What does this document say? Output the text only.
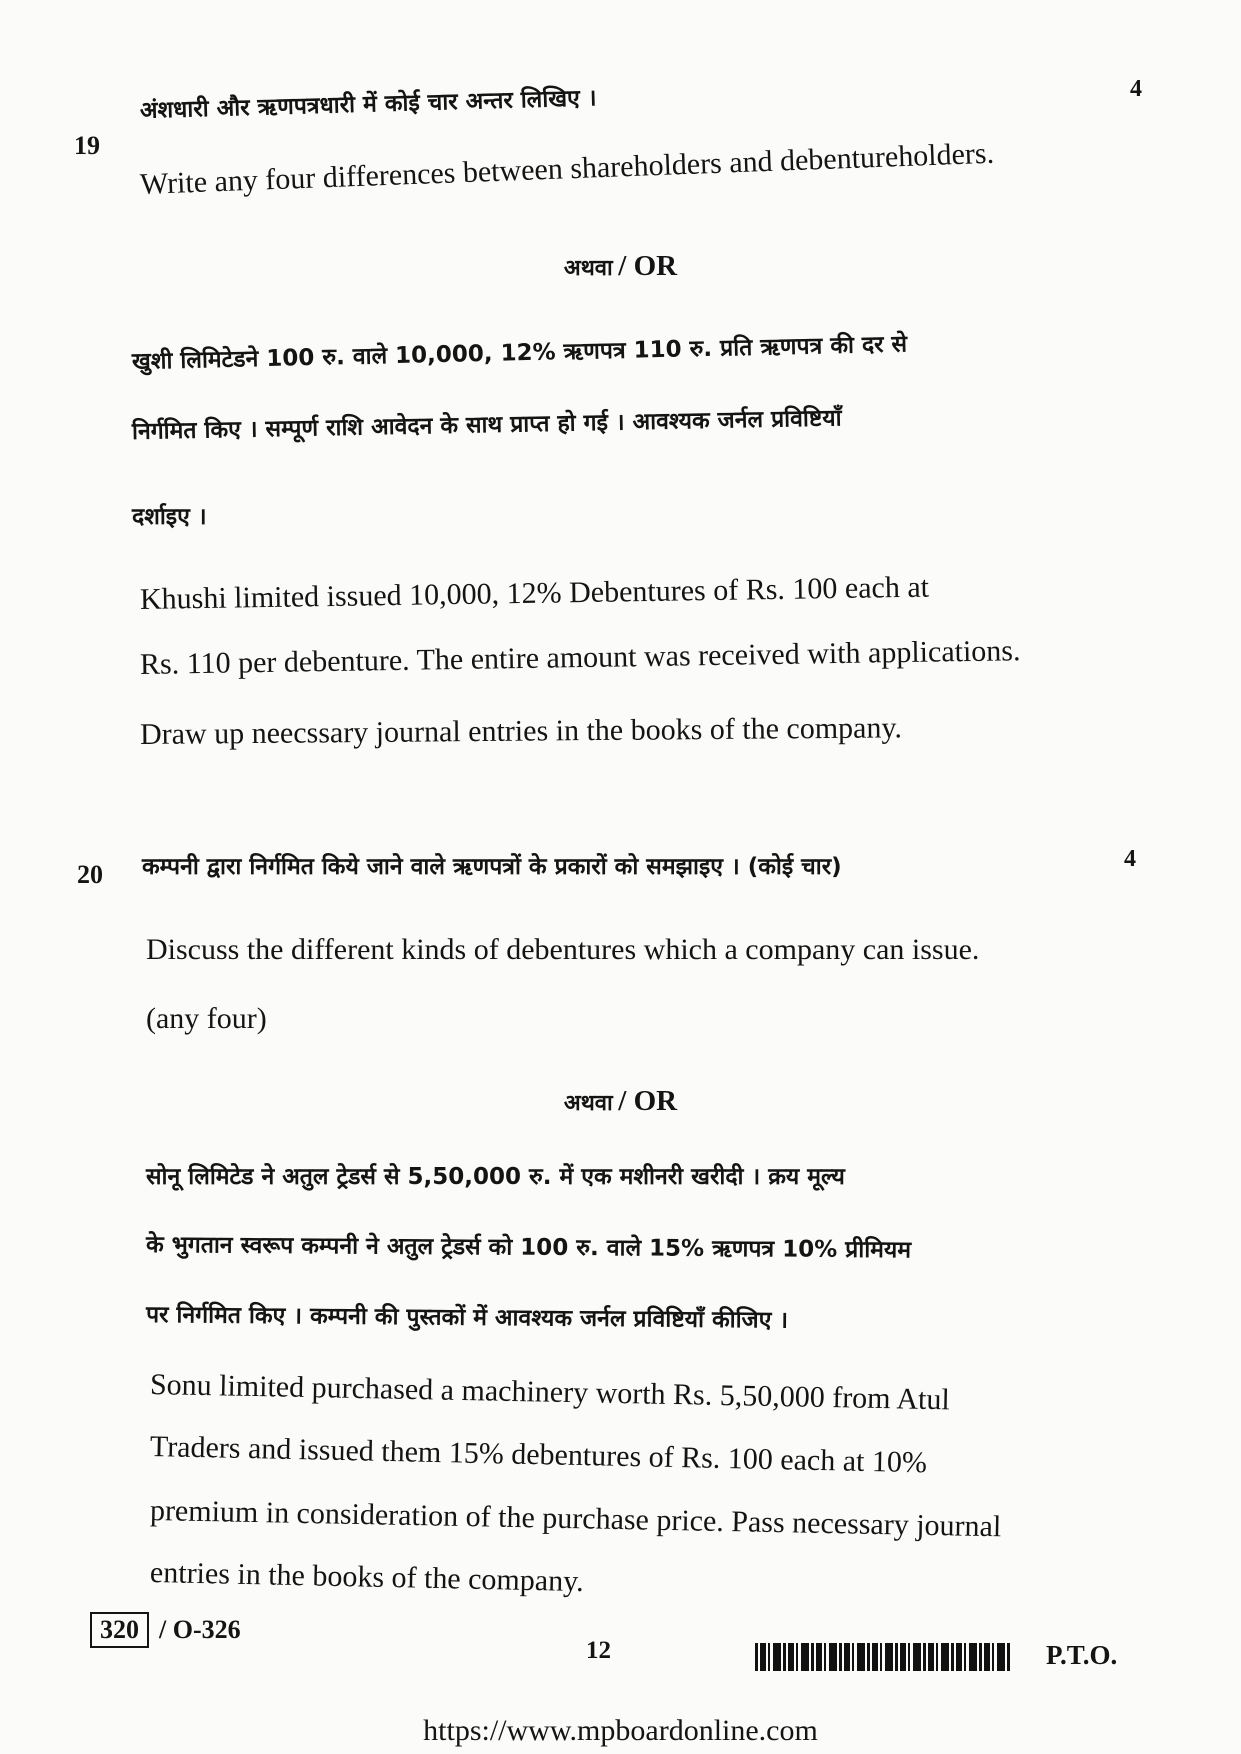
19
4
अंशधारी और ऋणपत्रधारी में कोई चार अन्तर लिखिए ।
Write any four differences between shareholders and debentureholders.
अथवा / OR
खुशी लिमिटेडने 100 रु. वाले 10,000, 12% ऋणपत्र 110 रु. प्रति ऋणपत्र की दर से
निर्गमित किए । सम्पूर्ण राशि आवेदन के साथ प्राप्त हो गई । आवश्यक जर्नल प्रविष्टियाँ
दर्शाइए ।
Khushi limited issued 10,000, 12% Debentures of Rs. 100 each at
Rs. 110 per debenture. The entire amount was received with applications.
Draw up neecssary journal entries in the books of the company.
20
4
कम्पनी द्वारा निर्गमित किये जाने वाले ऋणपत्रों के प्रकारों को समझाइए । (कोई चार)
Discuss the different kinds of debentures which a company can issue.
(any four)
अथवा / OR
सोनू लिमिटेड ने अतुल ट्रेडर्स से 5,50,000 रु. में एक मशीनरी खरीदी । क्रय मूल्य
के भुगतान स्वरूप कम्पनी ने अतुल ट्रेडर्स को 100 रु. वाले 15% ऋणपत्र 10% प्रीमियम
पर निर्गमित किए । कम्पनी की पुस्तकों में आवश्यक जर्नल प्रविष्टियाँ कीजिए ।
Sonu limited purchased a machinery worth Rs. 5,50,000 from Atul
Traders and issued them 15% debentures of Rs. 100 each at 10%
premium in consideration of the purchase price. Pass necessary journal
entries in the books of the company.
320 / O-326
12	P.T.O.
https://www.mpboardonline.com
